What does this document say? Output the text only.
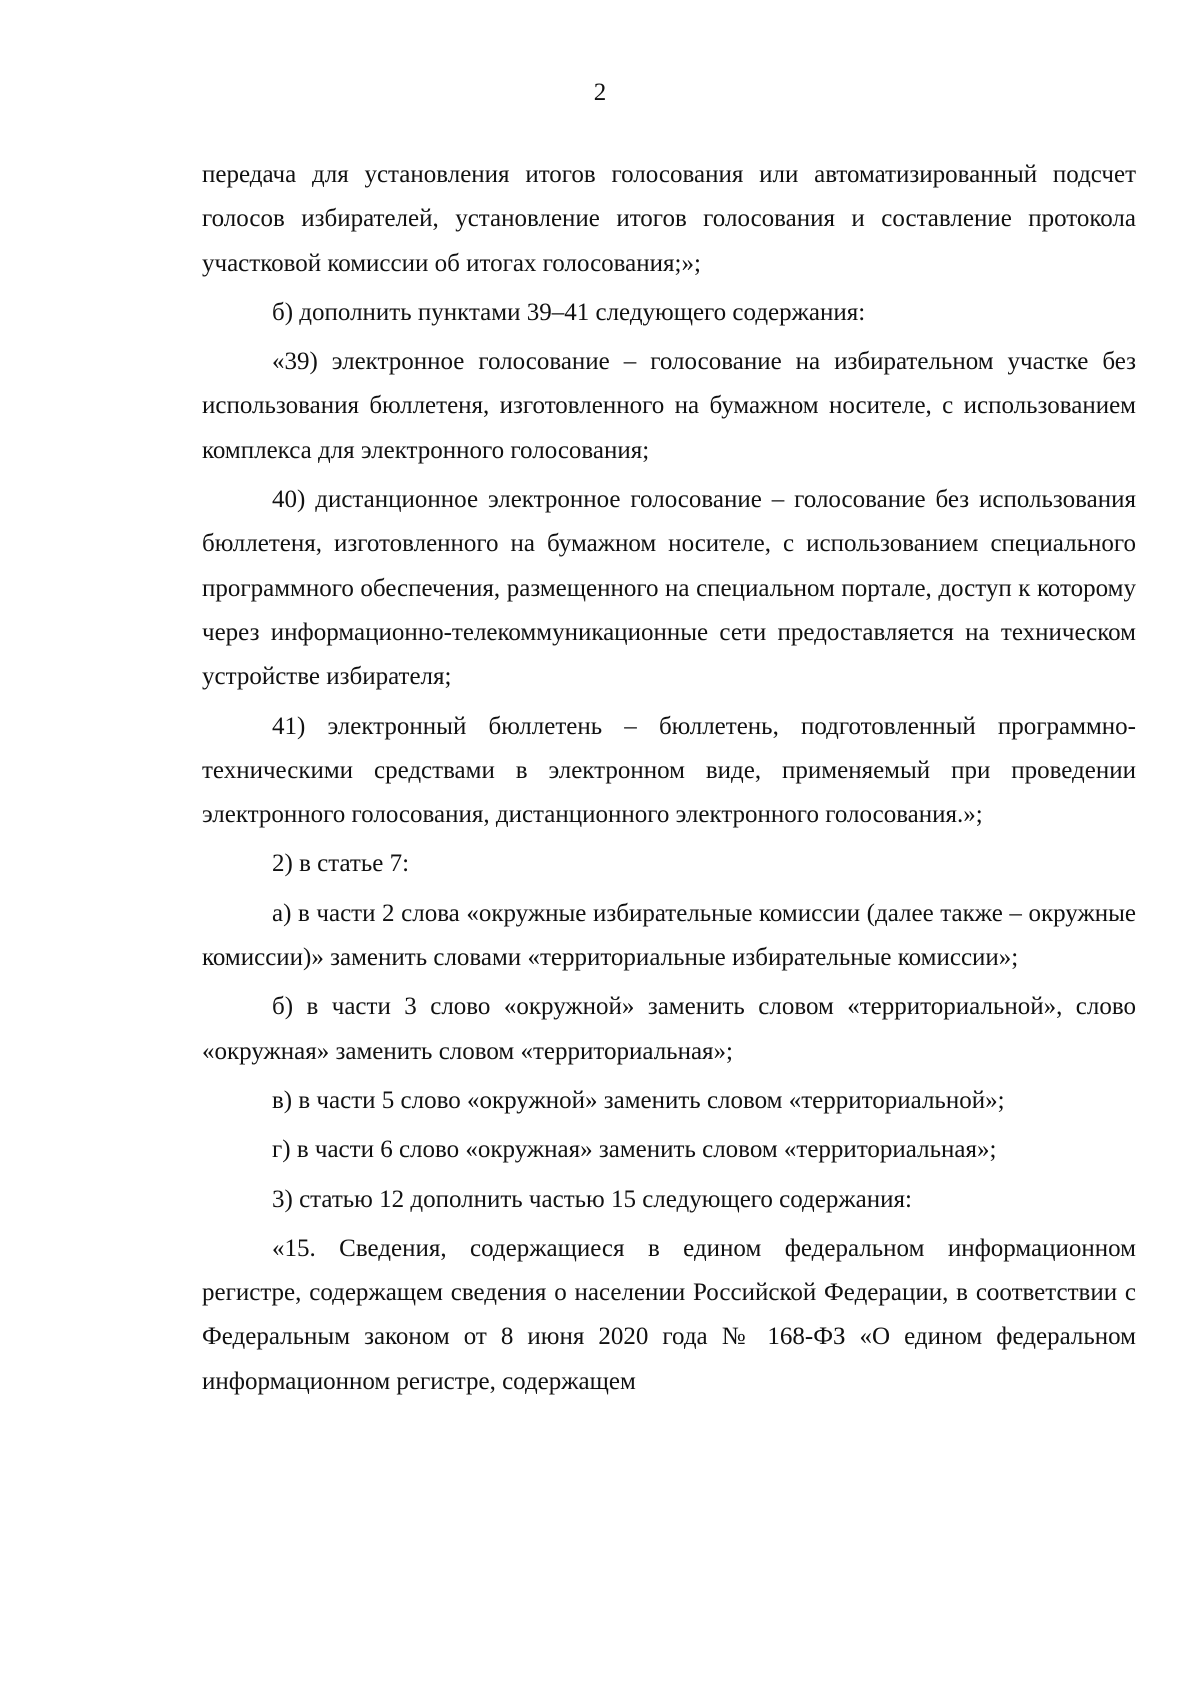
2

передача для установления итогов голосования или автоматизированный подсчет голосов избирателей, установление итогов голосования и составление протокола участковой комиссии об итогах голосования;»;

б) дополнить пунктами 39–41 следующего содержания:

«39) электронное голосование – голосование на избирательном участке без использования бюллетеня, изготовленного на бумажном носителе, с использованием комплекса для электронного голосования;

40) дистанционное электронное голосование – голосование без использования бюллетеня, изготовленного на бумажном носителе, с использованием специального программного обеспечения, размещенного на специальном портале, доступ к которому через информационно-телекоммуникационные сети предоставляется на техническом устройстве избирателя;

41) электронный бюллетень – бюллетень, подготовленный программно-техническими средствами в электронном виде, применяемый при проведении электронного голосования, дистанционного электронного голосования.»;

2) в статье 7:

а) в части 2 слова «окружные избирательные комиссии (далее также – окружные комиссии)» заменить словами «территориальные избирательные комиссии»;

б) в части 3 слово «окружной» заменить словом «территориальной», слово «окружная» заменить словом «территориальная»;

в) в части 5 слово «окружной» заменить словом «территориальной»;

г) в части 6 слово «окружная» заменить словом «территориальная»;

3) статью 12 дополнить частью 15 следующего содержания:

«15. Сведения, содержащиеся в едином федеральном информационном регистре, содержащем сведения о населении Российской Федерации, в соответствии с Федеральным законом от 8 июня 2020 года № 168-ФЗ «О едином федеральном информационном регистре, содержащем
